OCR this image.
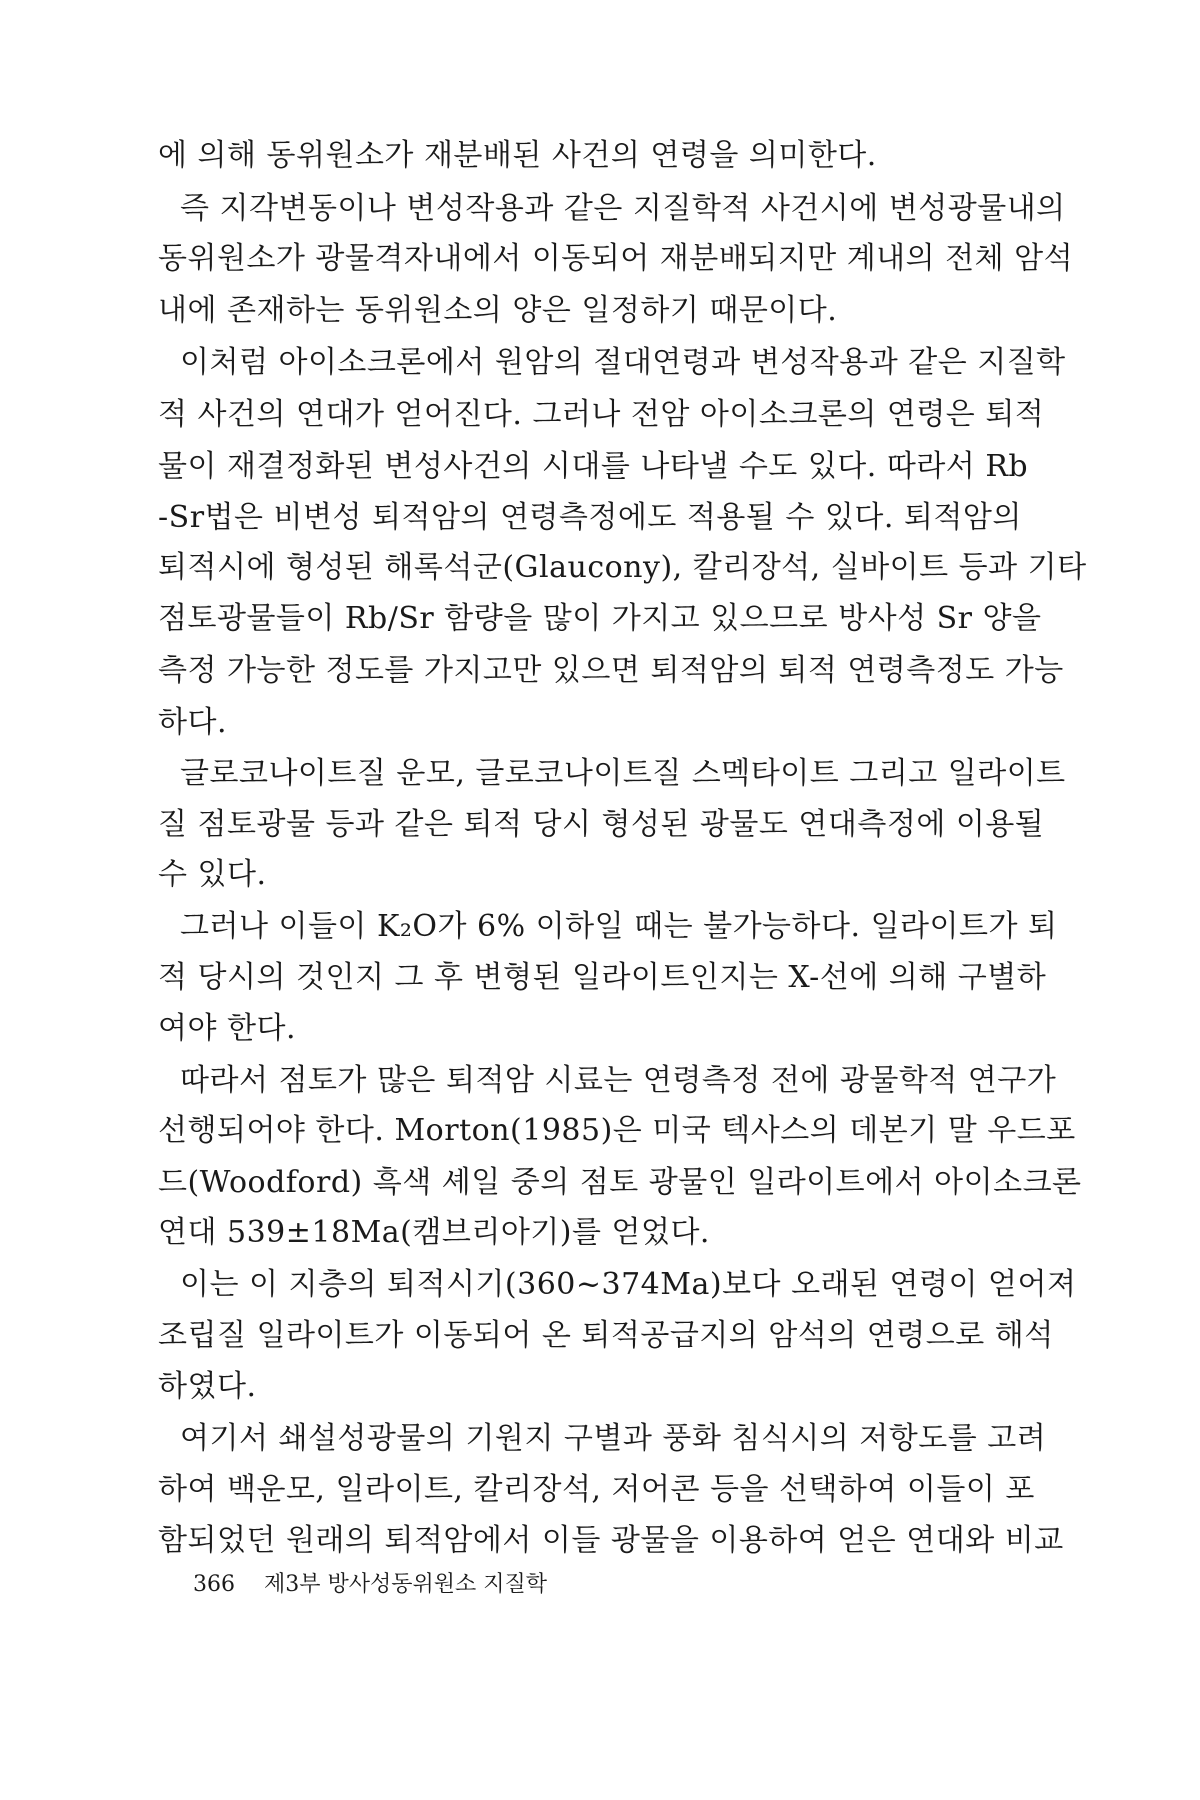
에 의해 동위원소가 재분배된 사건의 연령을 의미한다.
즉 지각변동이나 변성작용과 같은 지질학적 사건시에 변성광물내의
동위원소가 광물격자내에서 이동되어 재분배되지만 계내의 전체 암석
내에 존재하는 동위원소의 양은 일정하기 때문이다.
이처럼 아이소크론에서 원암의 절대연령과 변성작용과 같은 지질학
적 사건의 연대가 얻어진다. 그러나 전암 아이소크론의 연령은 퇴적
물이 재결정화된 변성사건의 시대를 나타낼 수도 있다. 따라서 Rb
-Sr법은 비변성 퇴적암의 연령측정에도 적용될 수 있다. 퇴적암의
퇴적시에 형성된 해록석군(Glaucony), 칼리장석, 실바이트 등과 기타
점토광물들이 Rb/Sr 함량을 많이 가지고 있으므로 방사성 Sr 양을
측정 가능한 정도를 가지고만 있으면 퇴적암의 퇴적 연령측정도 가능
하다.
글로코나이트질 운모, 글로코나이트질 스멕타이트 그리고 일라이트
질 점토광물 등과 같은 퇴적 당시 형성된 광물도 연대측정에 이용될
수 있다.
그러나 이들이 K₂O가 6% 이하일 때는 불가능하다. 일라이트가 퇴
적 당시의 것인지 그 후 변형된 일라이트인지는 X-선에 의해 구별하
여야 한다.
따라서 점토가 많은 퇴적암 시료는 연령측정 전에 광물학적 연구가
선행되어야 한다. Morton(1985)은 미국 텍사스의 데본기 말 우드포
드(Woodford) 흑색 셰일 중의 점토 광물인 일라이트에서 아이소크론
연대 539±18Ma(캠브리아기)를 얻었다.
이는 이 지층의 퇴적시기(360~374Ma)보다 오래된 연령이 얻어져
조립질 일라이트가 이동되어 온 퇴적공급지의 암석의 연령으로 해석
하였다.
여기서 쇄설성광물의 기원지 구별과 풍화 침식시의 저항도를 고려
하여 백운모, 일라이트, 칼리장석, 저어콘 등을 선택하여 이들이 포
함되었던 원래의 퇴적암에서 이들 광물을 이용하여 얻은 연대와 비교
366 제3부 방사성동위원소 지질학
